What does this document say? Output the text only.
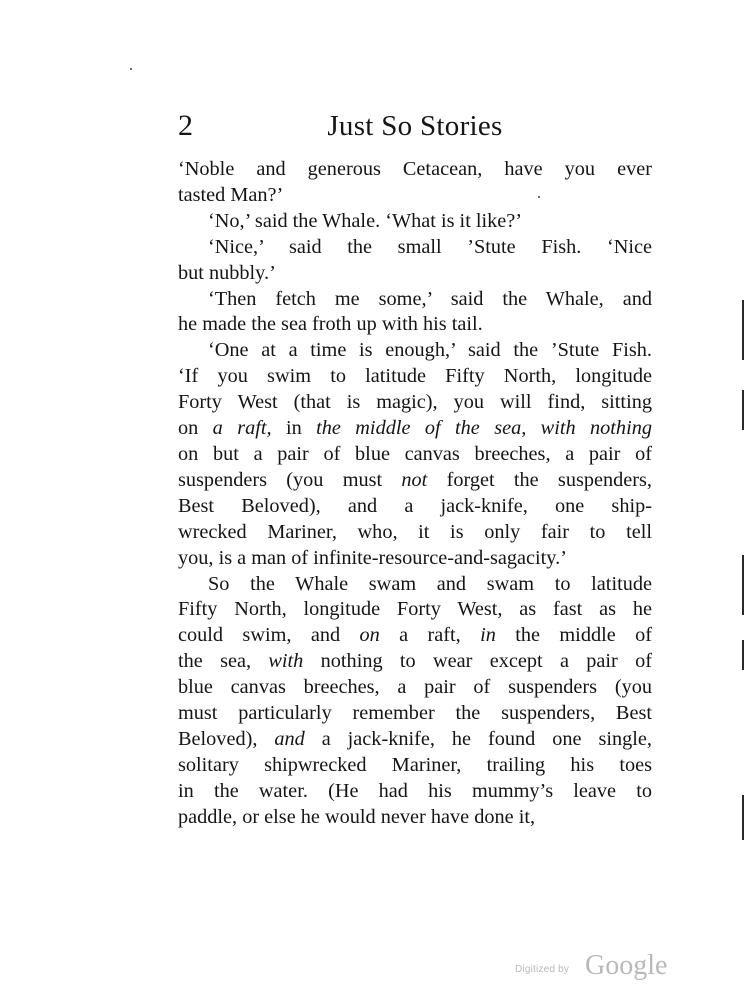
2	Just So Stories

‘Noble and generous Cetacean, have you ever
tasted Man?’

‘No,’ said the Whale. ‘What is it like?’

‘Nice,’ said the small ’Stute Fish. ‘Nice
but nubbly.’

‘Then fetch me some,’ said the Whale, and
he made the sea froth up with his tail.

‘One at a time is enough,’ said the ’Stute Fish.
‘If you swim to latitude Fifty North, longitude
Forty West (that is magic), you will find, sitting
on a raft, in the middle of the sea, with nothing
on but a pair of blue canvas breeches, a pair of
suspenders (you must not forget the suspenders,
Best Beloved), and a jack-knife, one ship-
wrecked Mariner, who, it is only fair to tell
you, is a man of infinite-resource-and-sagacity.’

So the Whale swam and swam to latitude
Fifty North, longitude Forty West, as fast as he
could swim, and on a raft, in the middle of
the sea, with nothing to wear except a pair of
blue canvas breeches, a pair of suspenders (you
must particularly remember the suspenders, Best
Beloved), and a jack-knife, he found one single,
solitary shipwrecked Mariner, trailing his toes
in the water. (He had his mummy’s leave to
paddle, or else he would never have done it,

Digitized by Google
